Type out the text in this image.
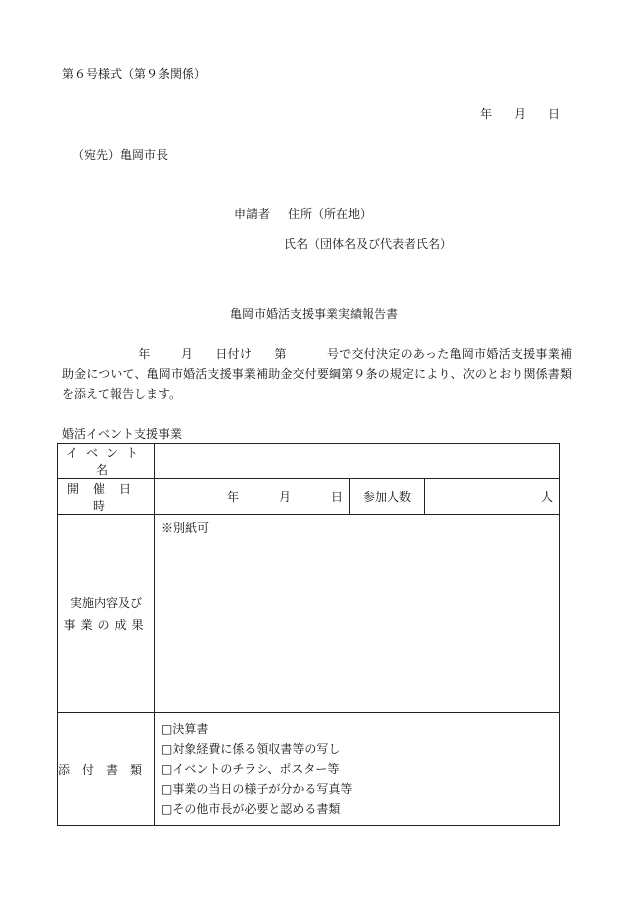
第６号様式（第９条関係）
年 月 日
（宛先）亀岡市長
申請者 住所（所在地）
氏名（団体名及び代表者氏名）
亀岡市婚活支援事業実績報告書
年	月 日付け 第	号で交付決定のあった亀岡市婚活支援事業補助金について、亀岡市婚活支援事業補助金交付要綱第９条の規定により、次のとおり関係書類を添えて報告します。
婚活イベント支援事業
イベント名			
開催日時	年 月 日	参加人数	人

実施内容及び
事業の成果	※別紙可		
添付書類	□決算書
□対象経費に係る領収書等の写し
□イベントのチラシ、ポスター等
□事業の当日の様子が分かる写真等
□その他市長が必要と認める書類		
